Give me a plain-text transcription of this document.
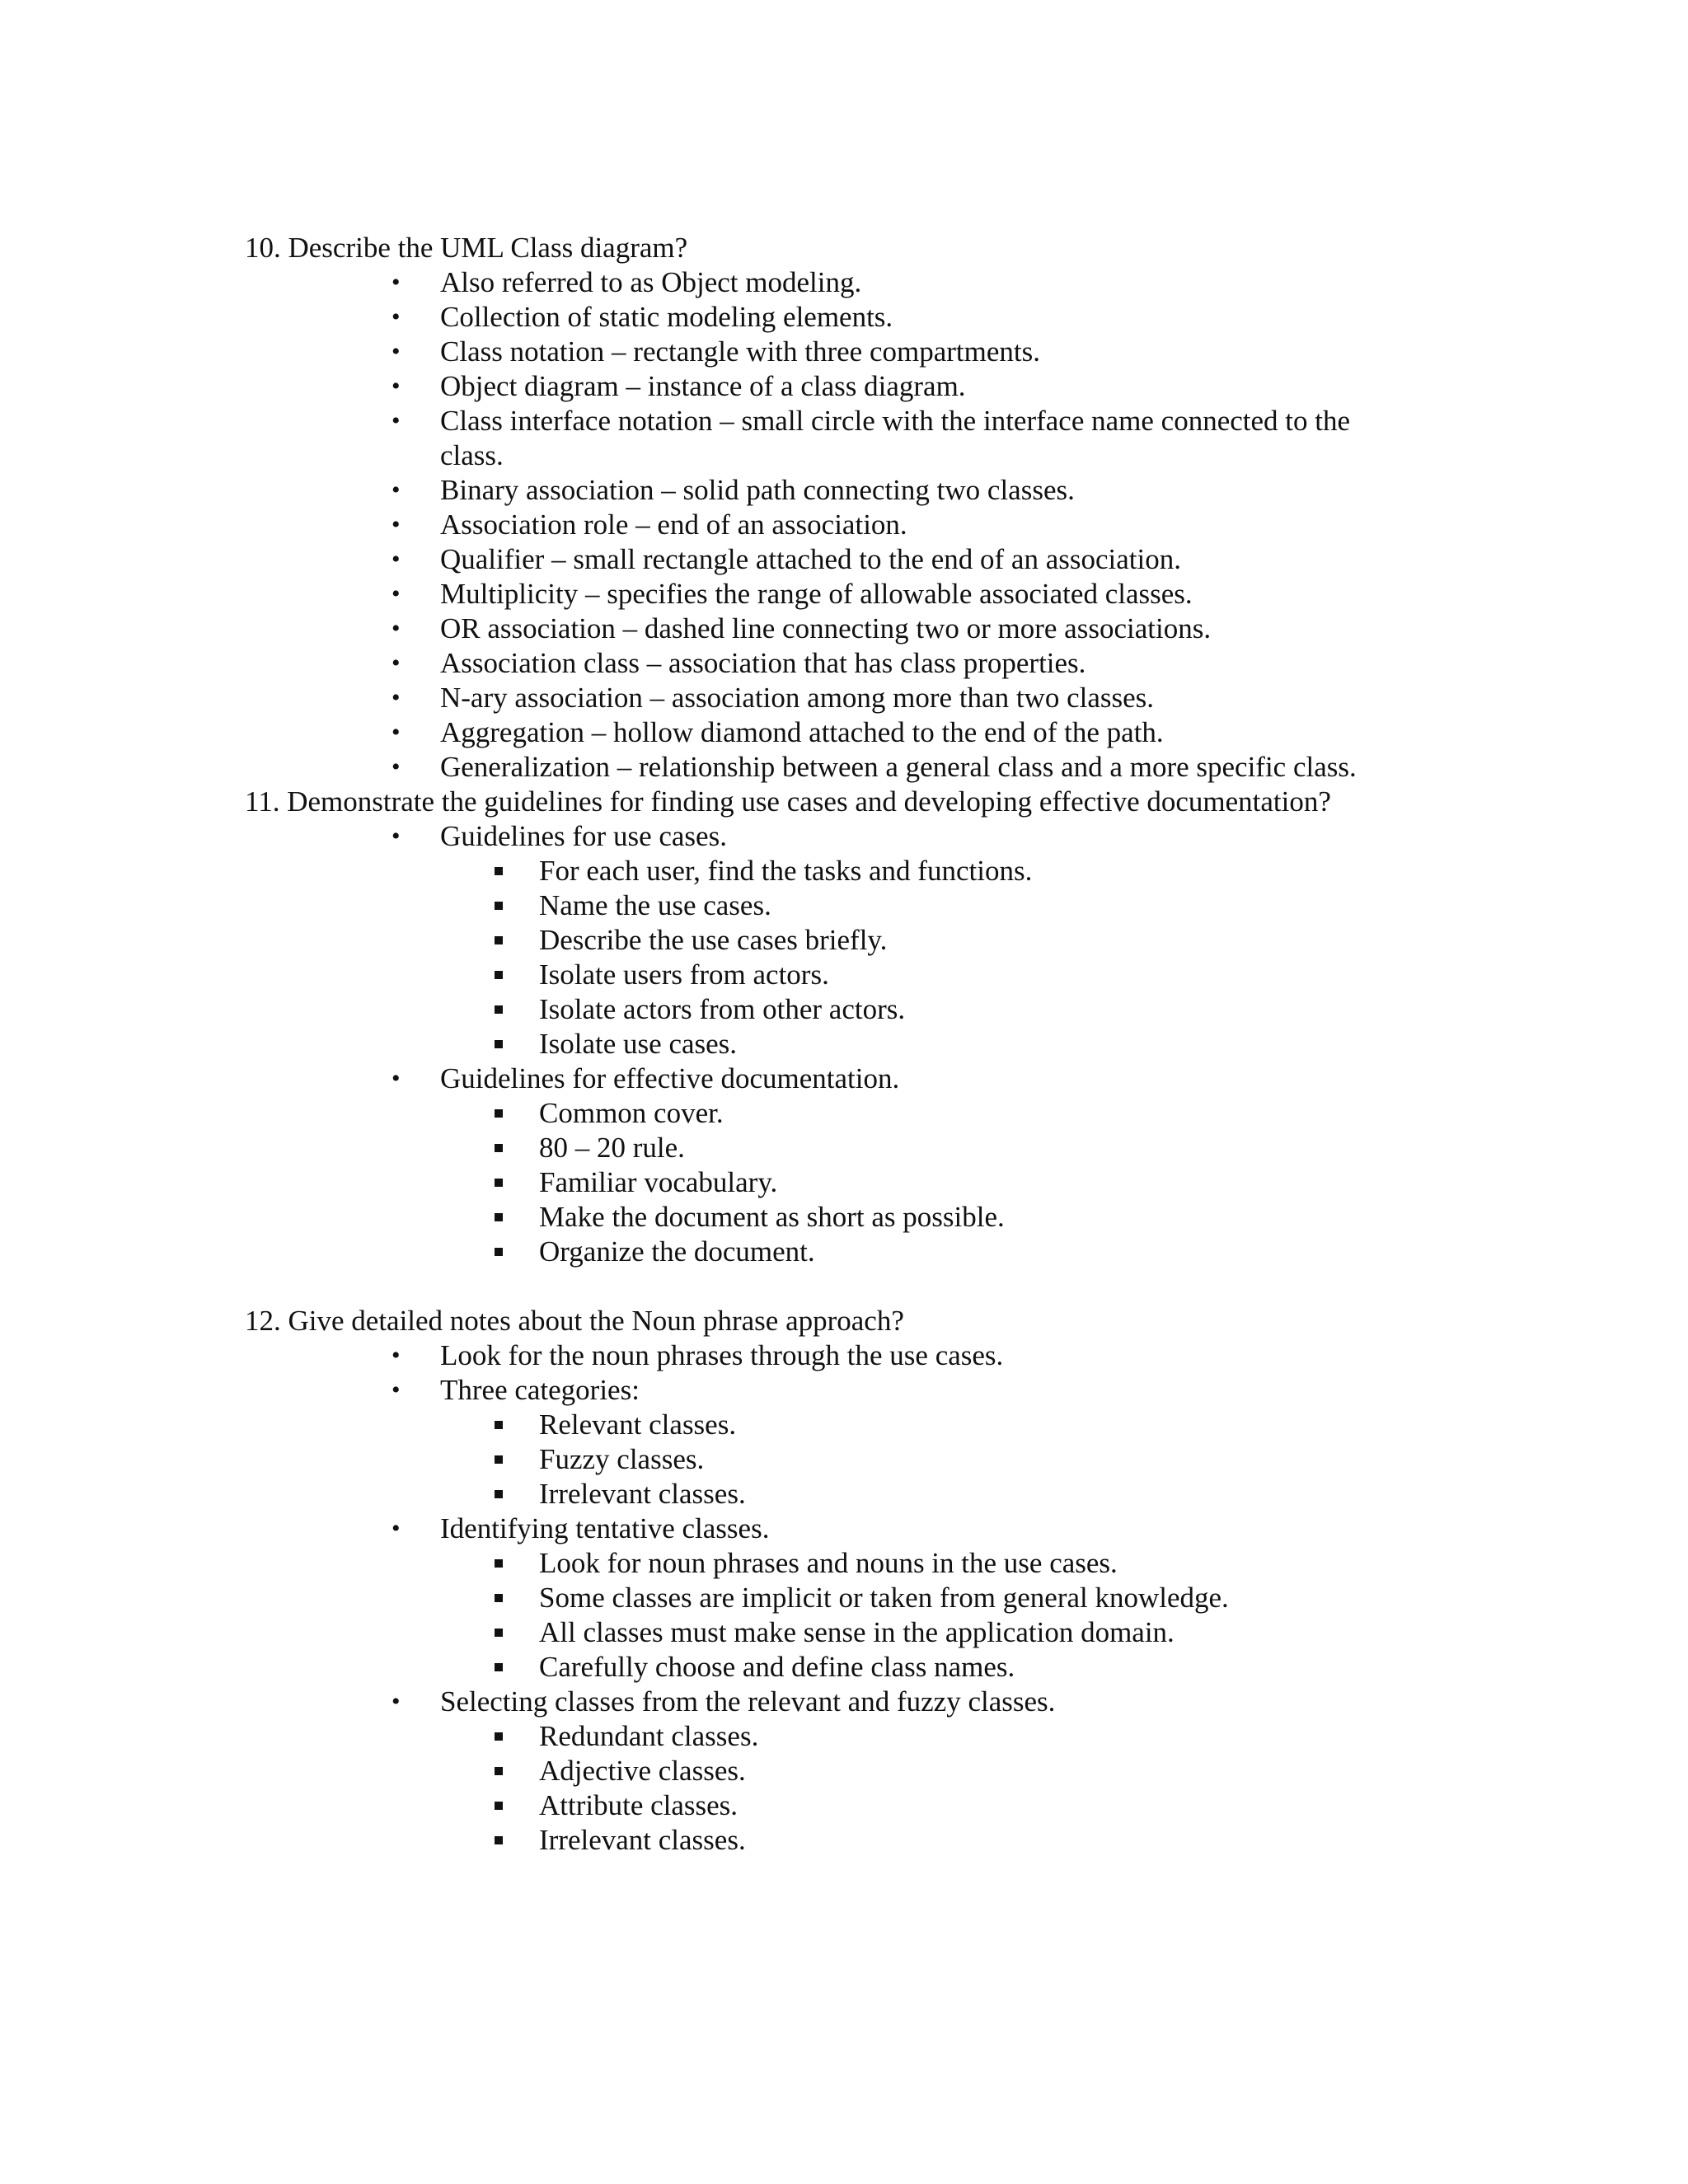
10. Describe the UML Class diagram?

•	Also referred to as Object modeling.
•	Collection of static modeling elements.
•	Class notation – rectangle with three compartments.
•	Object diagram – instance of a class diagram.
•	Class interface notation – small circle with the interface name connected to the
class.
•	Binary association – solid path connecting two classes.
•	Association role – end of an association.
•	Qualifier – small rectangle attached to the end of an association.
•	Multiplicity – specifies the range of allowable associated classes.
•	OR association – dashed line connecting two or more associations.
•	Association class – association that has class properties.
•	N-ary association – association among more than two classes.
•	Aggregation – hollow diamond attached to the end of the path.
•	Generalization – relationship between a general class and a more specific class.

11. Demonstrate the guidelines for finding use cases and developing effective documentation?

•	Guidelines for use cases.
For each user, find the tasks and functions.
Name the use cases.
Describe the use cases briefly.
Isolate users from actors.
Isolate actors from other actors.
Isolate use cases.
•	Guidelines for effective documentation.
Common cover.
80 – 20 rule.
Familiar vocabulary.
Make the document as short as possible.
Organize the document.

12. Give detailed notes about the Noun phrase approach?

•	Look for the noun phrases through the use cases.
•	Three categories:
Relevant classes.
Fuzzy classes.
Irrelevant classes.
•	Identifying tentative classes.
Look for noun phrases and nouns in the use cases.
Some classes are implicit or taken from general knowledge.
All classes must make sense in the application domain.
Carefully choose and define class names.
•	Selecting classes from the relevant and fuzzy classes.
Redundant classes.
Adjective classes.
Attribute classes.
Irrelevant classes.
